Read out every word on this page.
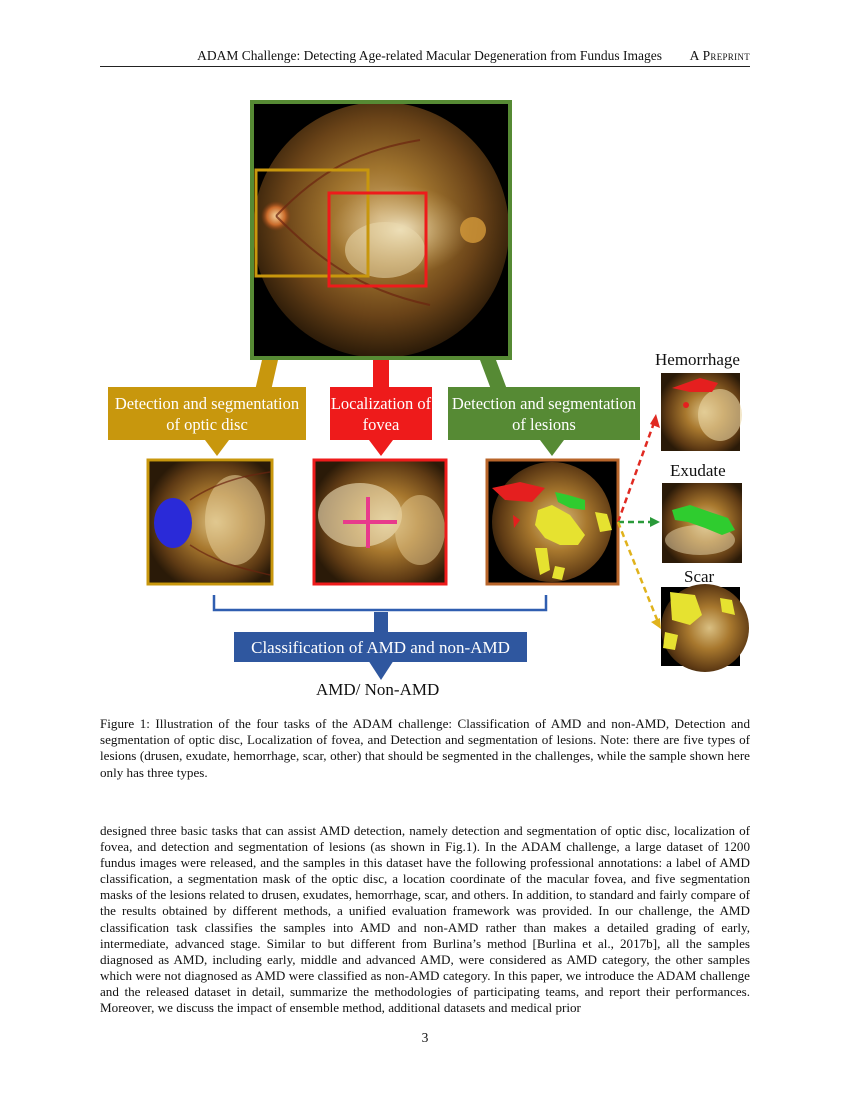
ADAM Challenge: Detecting Age-related Macular Degeneration from Fundus Images A Preprint
Detection and segmentation of optic disc
Localization of fovea
Detection and segmentation of lesions
Classification of AMD and non-AMD
Hemorrhage
Exudate
Scar
AMD/ Non-AMD
Figure 1: Illustration of the four tasks of the ADAM challenge: Classification of AMD and non-AMD, Detection and segmentation of optic disc, Localization of fovea, and Detection and segmentation of lesions. Note: there are five types of lesions (drusen, exudate, hemorrhage, scar, other) that should be segmented in the challenges, while the sample shown here only has three types.
designed three basic tasks that can assist AMD detection, namely detection and segmentation of optic disc, localization of fovea, and detection and segmentation of lesions (as shown in Fig.1). In the ADAM challenge, a large dataset of 1200 fundus images were released, and the samples in this dataset have the following professional annotations: a label of AMD classification, a segmentation mask of the optic disc, a location coordinate of the macular fovea, and five segmentation masks of the lesions related to drusen, exudates, hemorrhage, scar, and others. In addition, to standard and fairly compare of the results obtained by different methods, a unified evaluation framework was provided. In our challenge, the AMD classification task classifies the samples into AMD and non-AMD rather than makes a detailed grading of early, intermediate, advanced stage. Similar to but different from Burlina’s method [Burlina et al., 2017b], all the samples diagnosed as AMD, including early, middle and advanced AMD, were considered as AMD category, the other samples which were not diagnosed as AMD were classified as non-AMD category. In this paper, we introduce the ADAM challenge and the released dataset in detail, summarize the methodologies of participating teams, and report their performances. Moreover, we discuss the impact of ensemble method, additional datasets and medical prior
3
